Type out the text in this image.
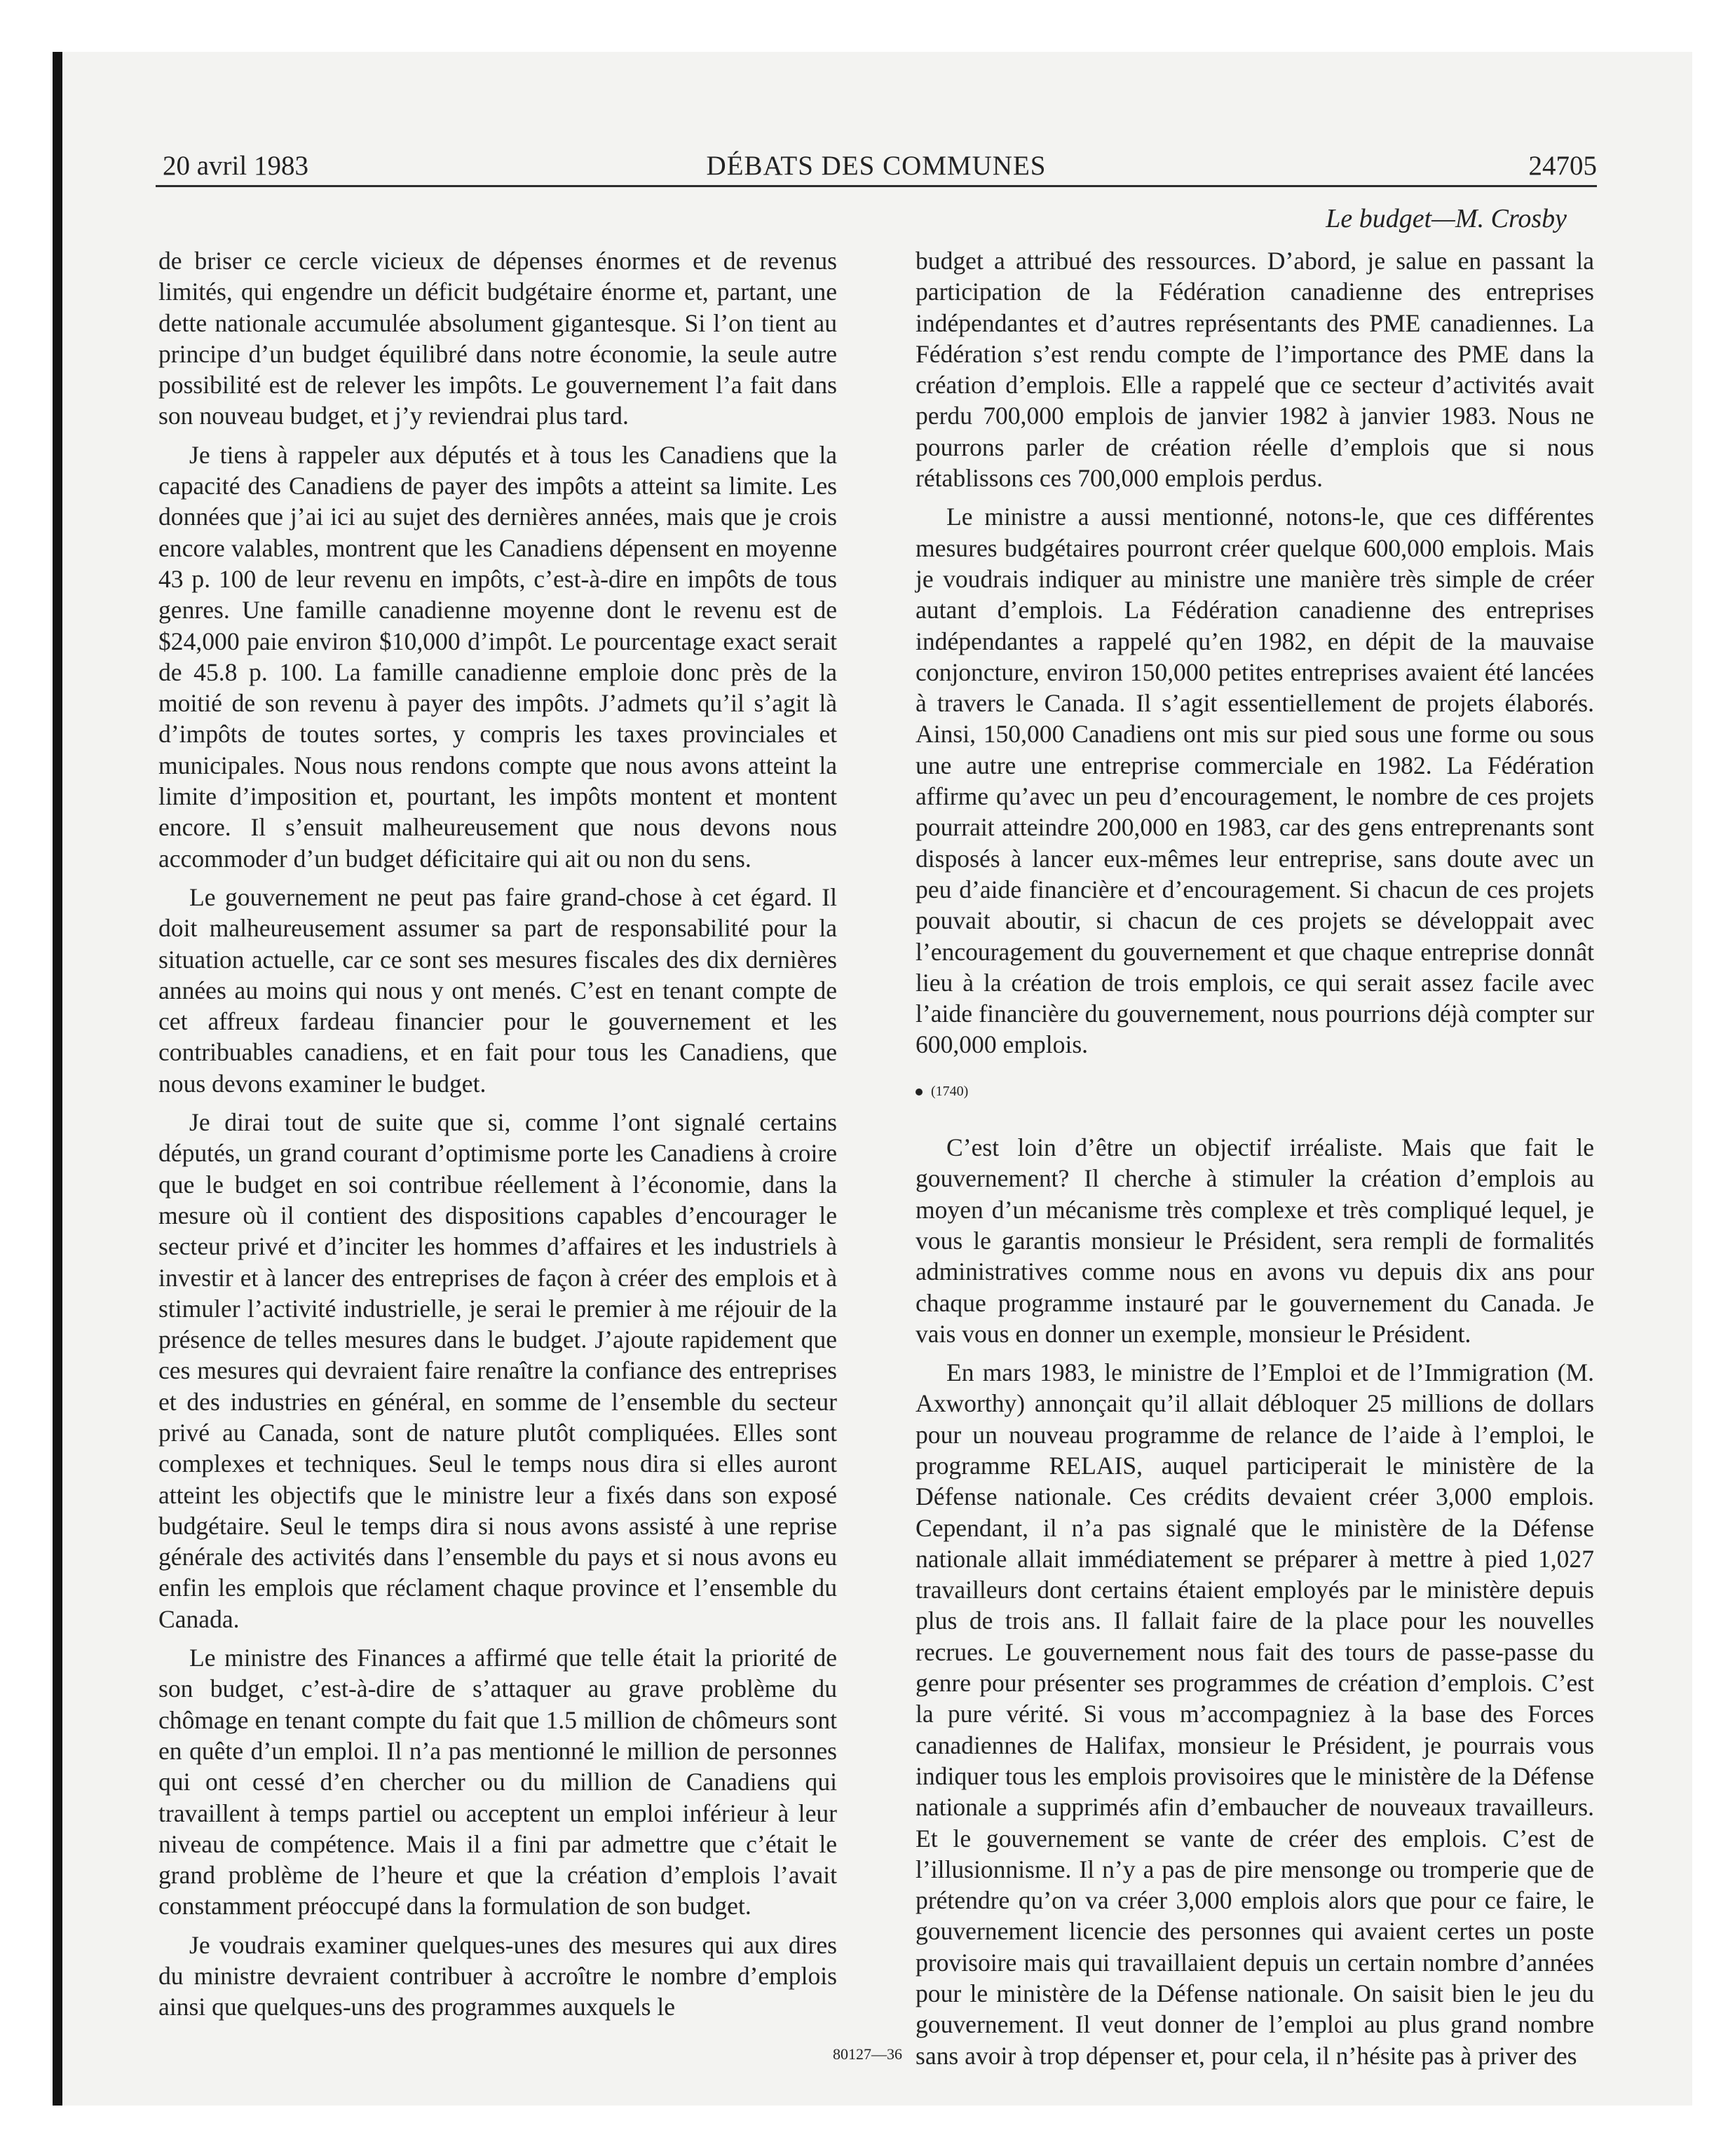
20 avril 1983	DÉBATS DES COMMUNES	24705
Le budget—M. Crosby

de briser ce cercle vicieux de dépenses énormes et de revenus limités, qui engendre un déficit budgétaire énorme et, partant, une dette nationale accumulée absolument gigantesque. Si l’on tient au principe d’un budget équilibré dans notre économie, la seule autre possibilité est de relever les impôts. Le gouvernement l’a fait dans son nouveau budget, et j’y reviendrai plus tard.

Je tiens à rappeler aux députés et à tous les Canadiens que la capacité des Canadiens de payer des impôts a atteint sa limite. Les données que j’ai ici au sujet des dernières années, mais que je crois encore valables, montrent que les Canadiens dépensent en moyenne 43 p. 100 de leur revenu en impôts, c’est-à-dire en impôts de tous genres. Une famille canadienne moyenne dont le revenu est de $24,000 paie environ $10,000 d’impôt. Le pourcentage exact serait de 45.8 p. 100. La famille canadienne emploie donc près de la moitié de son revenu à payer des impôts. J’admets qu’il s’agit là d’impôts de toutes sortes, y compris les taxes provinciales et municipales. Nous nous rendons compte que nous avons atteint la limite d’imposition et, pourtant, les impôts montent et montent encore. Il s’ensuit malheureusement que nous devons nous accommoder d’un budget déficitaire qui ait ou non du sens.

Le gouvernement ne peut pas faire grand-chose à cet égard. Il doit malheureusement assumer sa part de responsabilité pour la situation actuelle, car ce sont ses mesures fiscales des dix dernières années au moins qui nous y ont menés. C’est en tenant compte de cet affreux fardeau financier pour le gouvernement et les contribuables canadiens, et en fait pour tous les Canadiens, que nous devons examiner le budget.

Je dirai tout de suite que si, comme l’ont signalé certains députés, un grand courant d’optimisme porte les Canadiens à croire que le budget en soi contribue réellement à l’économie, dans la mesure où il contient des dispositions capables d’encourager le secteur privé et d’inciter les hommes d’affaires et les industriels à investir et à lancer des entreprises de façon à créer des emplois et à stimuler l’activité industrielle, je serai le premier à me réjouir de la présence de telles mesures dans le budget. J’ajoute rapidement que ces mesures qui devraient faire renaître la confiance des entreprises et des industries en général, en somme de l’ensemble du secteur privé au Canada, sont de nature plutôt compliquées. Elles sont complexes et techniques. Seul le temps nous dira si elles auront atteint les objectifs que le ministre leur a fixés dans son exposé budgétaire. Seul le temps dira si nous avons assisté à une reprise générale des activités dans l’ensemble du pays et si nous avons eu enfin les emplois que réclament chaque province et l’ensemble du Canada.

Le ministre des Finances a affirmé que telle était la priorité de son budget, c’est-à-dire de s’attaquer au grave problème du chômage en tenant compte du fait que 1.5 million de chômeurs sont en quête d’un emploi. Il n’a pas mentionné le million de personnes qui ont cessé d’en chercher ou du million de Canadiens qui travaillent à temps partiel ou acceptent un emploi inférieur à leur niveau de compétence. Mais il a fini par admettre que c’était le grand problème de l’heure et que la création d’emplois l’avait constamment préoccupé dans la formulation de son budget.

Je voudrais examiner quelques-unes des mesures qui aux dires du ministre devraient contribuer à accroître le nombre d’emplois ainsi que quelques-uns des programmes auxquels le

budget a attribué des ressources. D’abord, je salue en passant la participation de la Fédération canadienne des entreprises indépendantes et d’autres représentants des PME canadiennes. La Fédération s’est rendu compte de l’importance des PME dans la création d’emplois. Elle a rappelé que ce secteur d’activités avait perdu 700,000 emplois de janvier 1982 à janvier 1983. Nous ne pourrons parler de création réelle d’emplois que si nous rétablissons ces 700,000 emplois perdus.

Le ministre a aussi mentionné, notons-le, que ces différentes mesures budgétaires pourront créer quelque 600,000 emplois. Mais je voudrais indiquer au ministre une manière très simple de créer autant d’emplois. La Fédération canadienne des entreprises indépendantes a rappelé qu’en 1982, en dépit de la mauvaise conjoncture, environ 150,000 petites entreprises avaient été lancées à travers le Canada. Il s’agit essentiellement de projets élaborés. Ainsi, 150,000 Canadiens ont mis sur pied sous une forme ou sous une autre une entreprise commerciale en 1982. La Fédération affirme qu’avec un peu d’encouragement, le nombre de ces projets pourrait atteindre 200,000 en 1983, car des gens entreprenants sont disposés à lancer eux-mêmes leur entreprise, sans doute avec un peu d’aide financière et d’encouragement. Si chacun de ces projets pouvait aboutir, si chacun de ces projets se développait avec l’encouragement du gouvernement et que chaque entreprise donnât lieu à la création de trois emplois, ce qui serait assez facile avec l’aide financière du gouvernement, nous pourrions déjà compter sur 600,000 emplois.

(1740)

C’est loin d’être un objectif irréaliste. Mais que fait le gouvernement? Il cherche à stimuler la création d’emplois au moyen d’un mécanisme très complexe et très compliqué lequel, je vous le garantis monsieur le Président, sera rempli de formalités administratives comme nous en avons vu depuis dix ans pour chaque programme instauré par le gouvernement du Canada. Je vais vous en donner un exemple, monsieur le Président.

En mars 1983, le ministre de l’Emploi et de l’Immigration (M. Axworthy) annonçait qu’il allait débloquer 25 millions de dollars pour un nouveau programme de relance de l’aide à l’emploi, le programme RELAIS, auquel participerait le ministère de la Défense nationale. Ces crédits devaient créer 3,000 emplois. Cependant, il n’a pas signalé que le ministère de la Défense nationale allait immédiatement se préparer à mettre à pied 1,027 travailleurs dont certains étaient employés par le ministère depuis plus de trois ans. Il fallait faire de la place pour les nouvelles recrues. Le gouvernement nous fait des tours de passe-passe du genre pour présenter ses programmes de création d’emplois. C’est la pure vérité. Si vous m’accompagniez à la base des Forces canadiennes de Halifax, monsieur le Président, je pourrais vous indiquer tous les emplois provisoires que le ministère de la Défense nationale a supprimés afin d’embaucher de nouveaux travailleurs. Et le gouvernement se vante de créer des emplois. C’est de l’illusionnisme. Il n’y a pas de pire mensonge ou tromperie que de prétendre qu’on va créer 3,000 emplois alors que pour ce faire, le gouvernement licencie des personnes qui avaient certes un poste provisoire mais qui travaillaient depuis un certain nombre d’années pour le ministère de la Défense nationale. On saisit bien le jeu du gouvernement. Il veut donner de l’emploi au plus grand nombre sans avoir à trop dépenser et, pour cela, il n’hésite pas à priver des

80127—36
